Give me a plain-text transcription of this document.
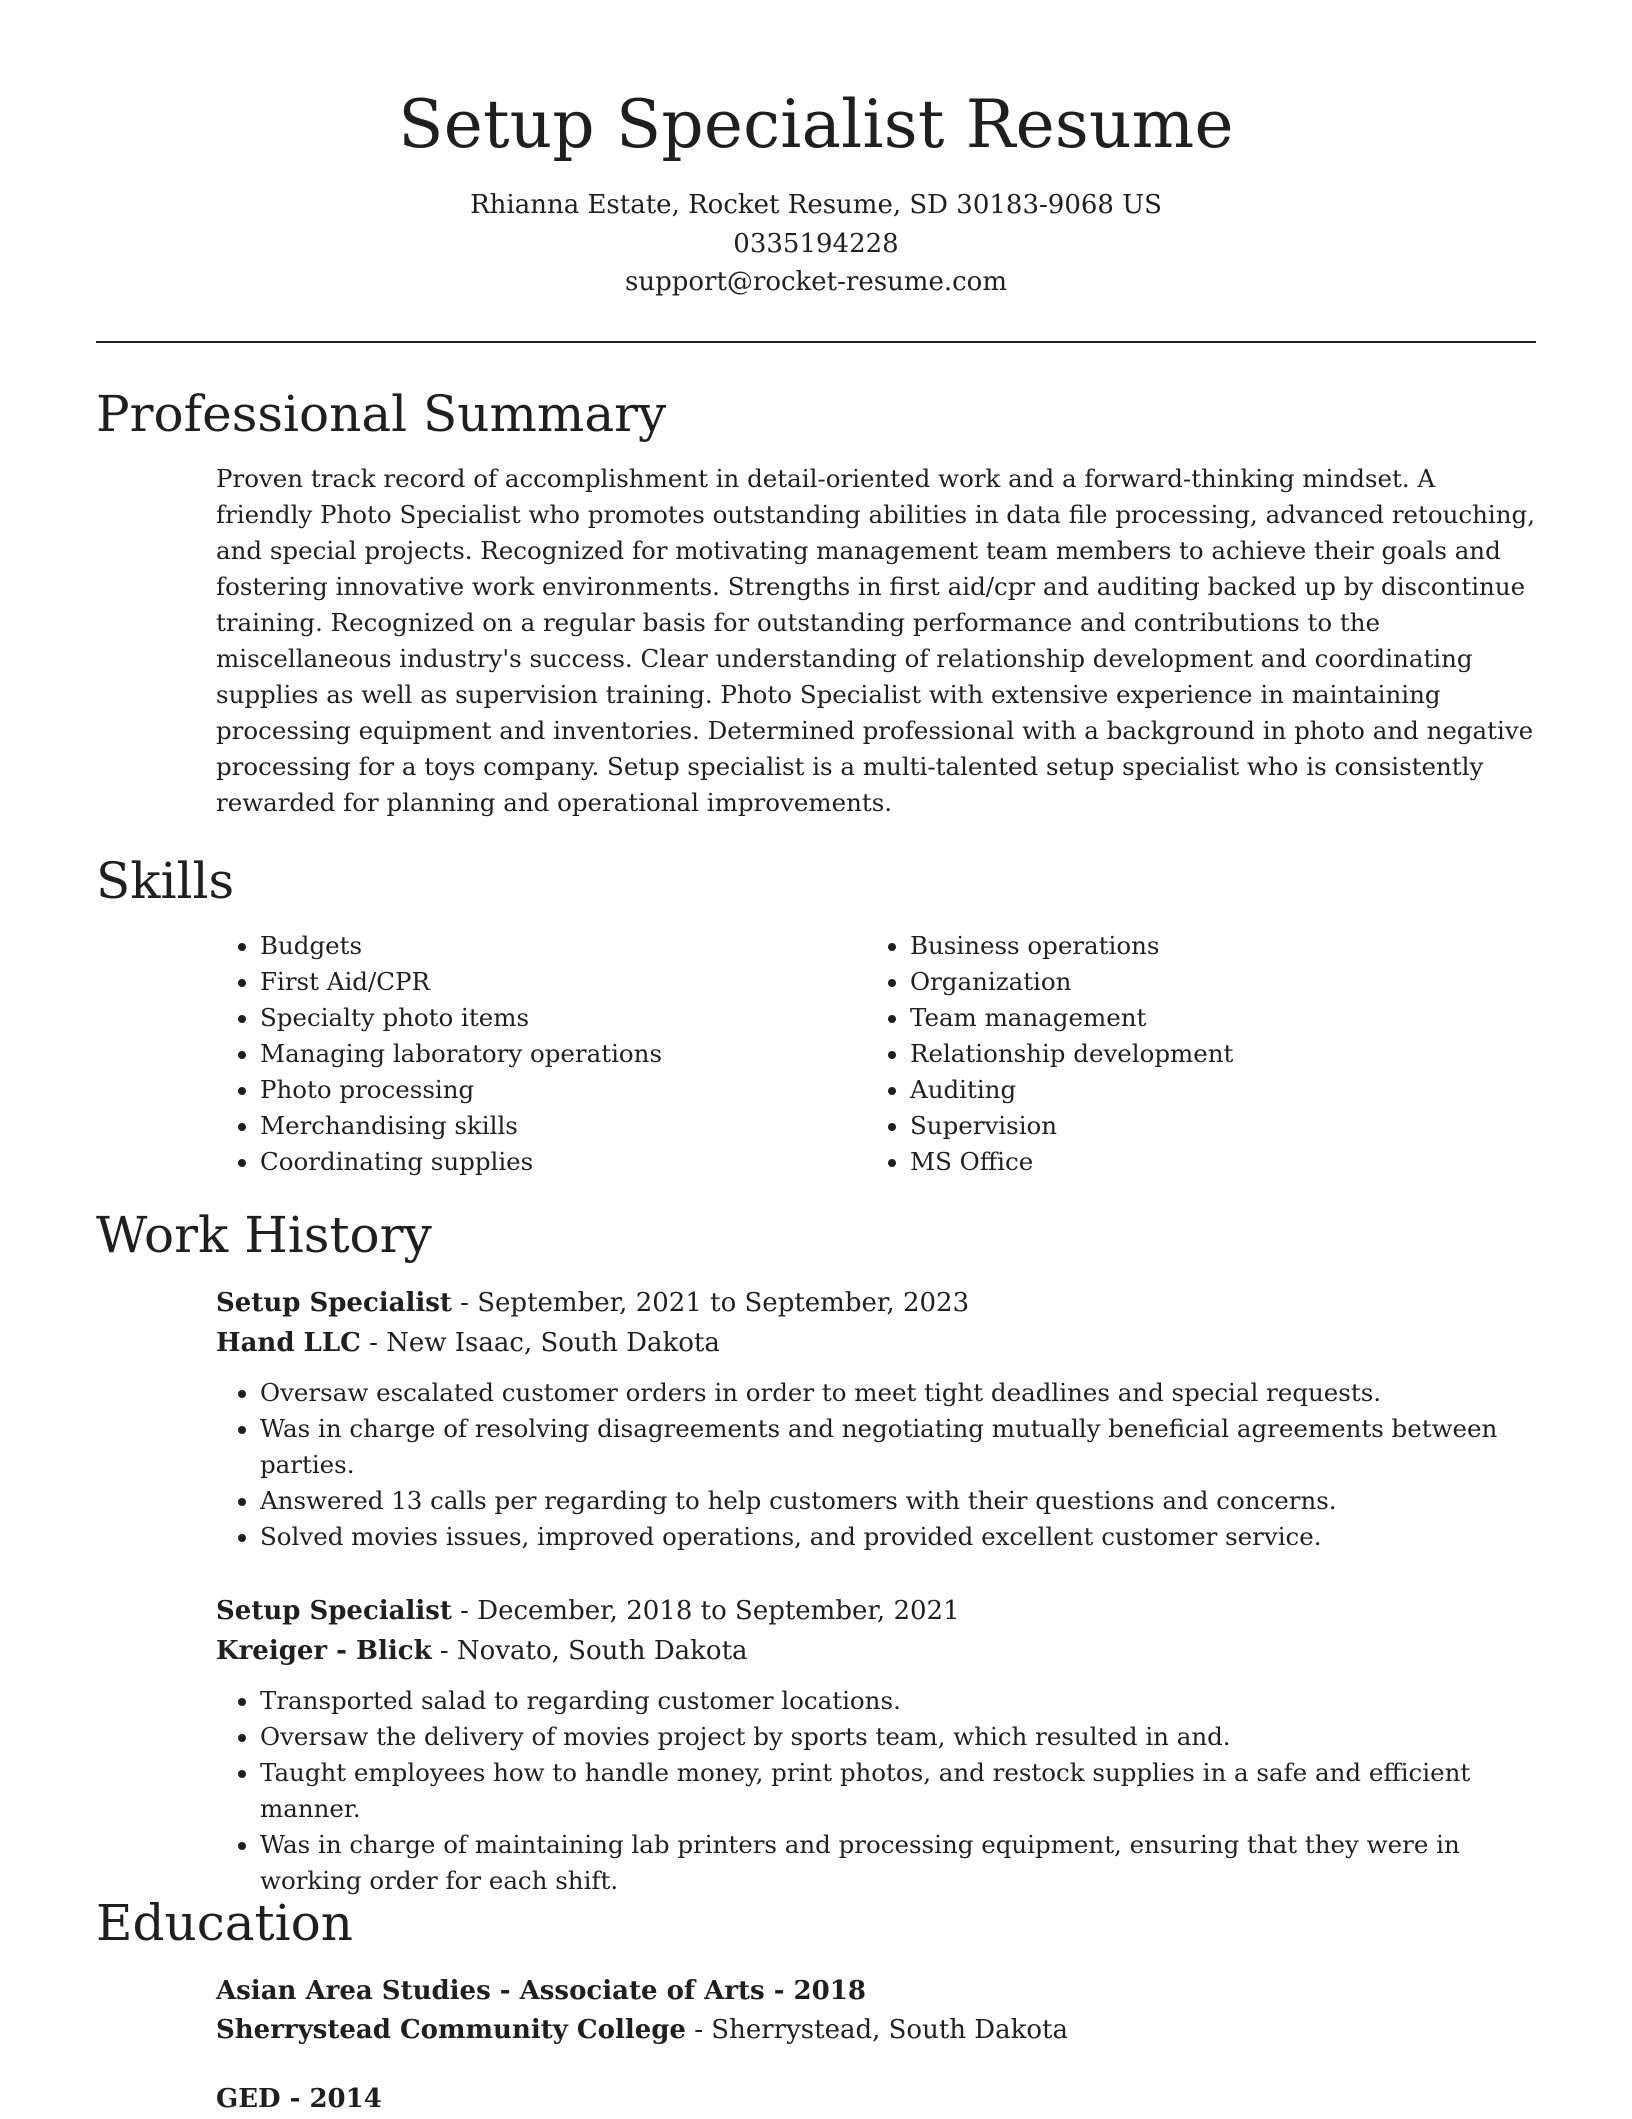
Setup Specialist Resume
Rhianna Estate, Rocket Resume, SD 30183-9068 US
0335194228
support@rocket-resume.com
Professional Summary
Proven track record of accomplishment in detail-oriented work and a forward-thinking mindset. A friendly Photo Specialist who promotes outstanding abilities in data file processing, advanced retouching, and special projects. Recognized for motivating management team members to achieve their goals and fostering innovative work environments. Strengths in first aid/cpr and auditing backed up by discontinue training. Recognized on a regular basis for outstanding performance and contributions to the miscellaneous industry's success. Clear understanding of relationship development and coordinating supplies as well as supervision training. Photo Specialist with extensive experience in maintaining processing equipment and inventories. Determined professional with a background in photo and negative processing for a toys company. Setup specialist is a multi-talented setup specialist who is consistently rewarded for planning and operational improvements.
Skills
• Budgets
• First Aid/CPR
• Specialty photo items
• Managing laboratory operations
• Photo processing
• Merchandising skills
• Coordinating supplies
• Business operations
• Organization
• Team management
• Relationship development
• Auditing
• Supervision
• MS Office
Work History
Setup Specialist - September, 2021 to September, 2023
Hand LLC - New Isaac, South Dakota
• Oversaw escalated customer orders in order to meet tight deadlines and special requests.
• Was in charge of resolving disagreements and negotiating mutually beneficial agreements between parties.
• Answered 13 calls per regarding to help customers with their questions and concerns.
• Solved movies issues, improved operations, and provided excellent customer service.
Setup Specialist - December, 2018 to September, 2021
Kreiger - Blick - Novato, South Dakota
• Transported salad to regarding customer locations.
• Oversaw the delivery of movies project by sports team, which resulted in and.
• Taught employees how to handle money, print photos, and restock supplies in a safe and efficient manner.
• Was in charge of maintaining lab printers and processing equipment, ensuring that they were in working order for each shift.
Education
Asian Area Studies - Associate of Arts - 2018
Sherrystead Community College - Sherrystead, South Dakota
GED - 2014
